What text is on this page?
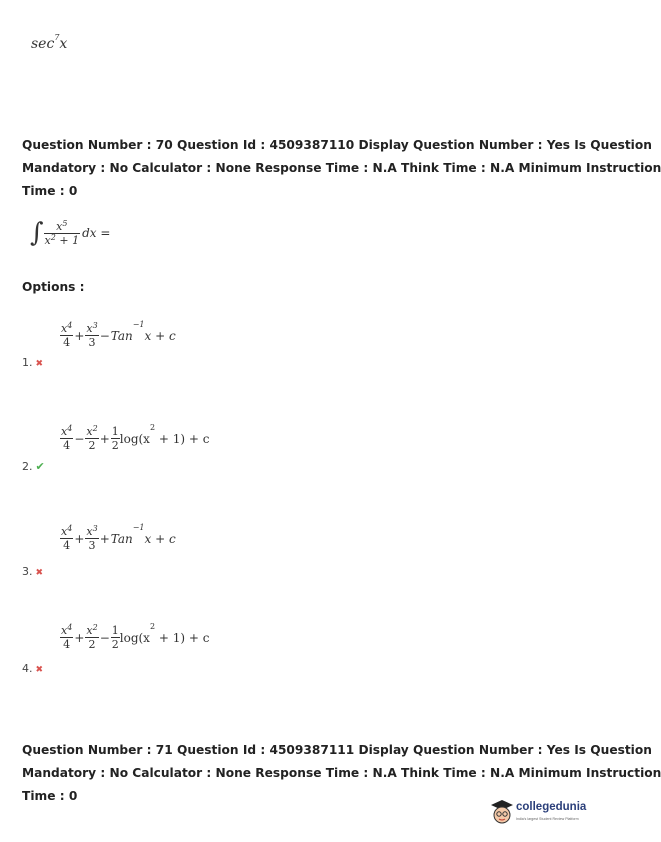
$\sec^7x$
Question Number : 70 Question Id : 4509387110 Display Question Number : Yes Is Question
Mandatory : No Calculator : None Response Time : N.A Think Time : N.A Minimum Instruction
Time : 0
∫ $\frac{x^5}{x^2 + 1}$ dx =
Options :
$\frac{x^4}{4} + \frac{x^3}{3} -Tan^{-1}x + c$
1. ✖
$\frac{x^4}{4} - \frac{x^2}{2} + \frac{1}{2} \log(x^2 + 1) + c$
2. ✔
$\frac{x^4}{4} + \frac{x^3}{3} +Tan^{-1}x + c$
3. ✖
$\frac{x^4}{4} + \frac{x^2}{2} - \frac{1}{2} \log(x^2 + 1) + c$
4. ✖
Question Number : 71 Question Id : 4509387111 Display Question Number : Yes Is Question
Mandatory : No Calculator : None Response Time : N.A Think Time : N.A Minimum Instruction
Time : 0
collegedunia
India's largest Student Review Platform
